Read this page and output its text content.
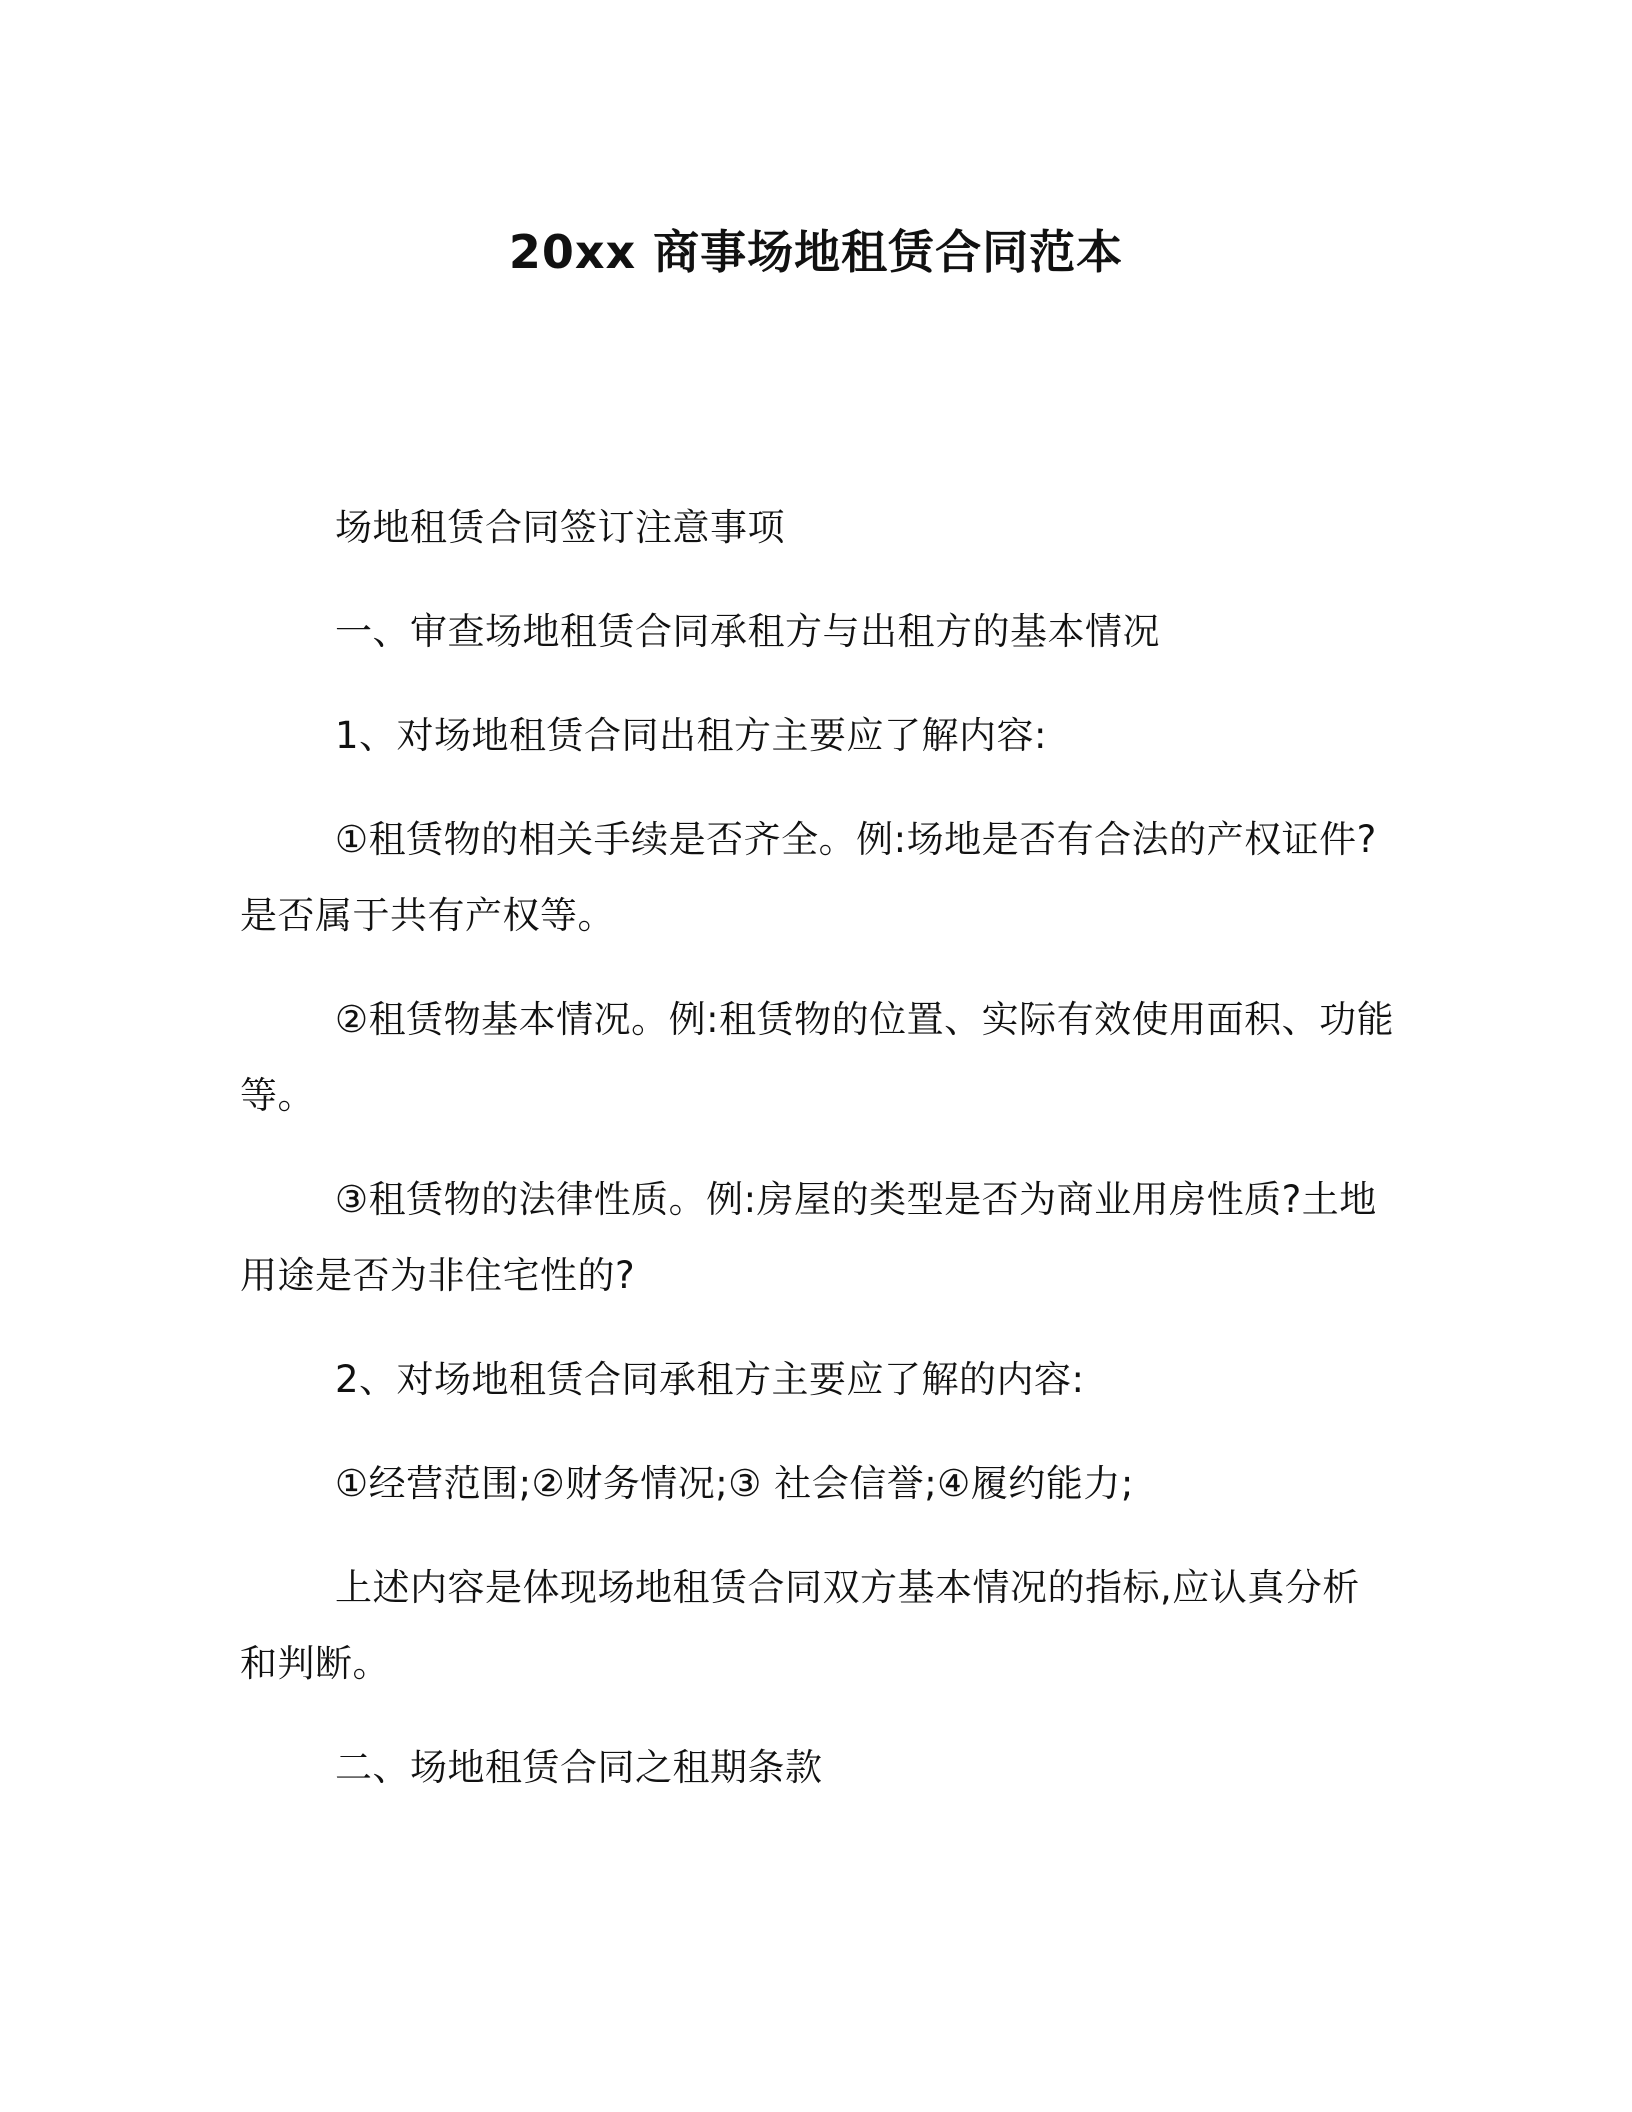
20xx 商事场地租赁合同范本

场地租赁合同签订注意事项

一、审查场地租赁合同承租方与出租方的基本情况

1、对场地租赁合同出租方主要应了解内容:

①租赁物的相关手续是否齐全。例:场地是否有合法的产权证件?是否属于共有产权等。

②租赁物基本情况。例:租赁物的位置、实际有效使用面积、功能等。

③租赁物的法律性质。例:房屋的类型是否为商业用房性质?土地用途是否为非住宅性的?

2、对场地租赁合同承租方主要应了解的内容:

①经营范围;②财务情况;③ 社会信誉;④履约能力;

上述内容是体现场地租赁合同双方基本情况的指标,应认真分析和判断。

二、场地租赁合同之租期条款
